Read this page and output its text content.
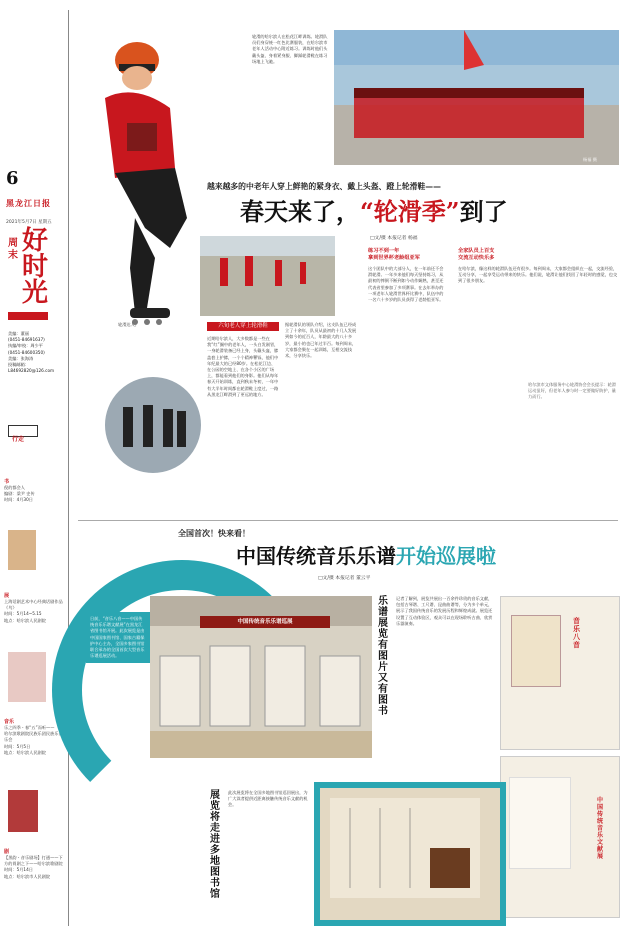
6
黑龙江日报
2021年5月7日 星期五
周末 好时光
美编：董丽
(0451-84691637)
执编/审校：周少平
(0451-84600350)
美编：张海涛
投稿邮箱：
L84692820@126.com
行走
书
倪的都会人
编剧：梁尹 史传
时间：4月30日
展
上海话剧艺术中心经典话剧作品《鸟》
时间：5月14~5.15
地点：哈尔滨人民剧院
音乐
乐之四季・春“五”而听——
哈尔滨歌剧院民族乐团民族乐音乐会
时间：5月5日
地点：哈尔滨人民剧院
剧
【黑韵・音乐剧场】打通——下方的胃剧之下——哈尔滨歌剧院
时间：5月14日
地点：哈尔滨市人民剧院
轮滑的哈尔滨人在松花江畔训练。轮滑队员们身穿统一红色比赛服装，在哈尔滨市老年人活动中心附近练习。训练时他们头戴头盔、身着紧身服、脚踩轮滑鞋在练习场地上飞驰。
杨福 摄
越来越多的中老年人穿上鲜艳的紧身衣、戴上头盔、蹬上轮滑鞋——
春天来了，“轮滑季”到了
□文/摄 本报记者 杨福
轮滑达人。	六旬老人穿上轮滑鞋
近期哈尔滨人，大多数都是一些在我“红”圈中的老年人，一头白发刚冒，一身轮滑装备已经上身，头戴头盔，膝盖套上护膝，一个个精神矍铄，他们中年纪最大的已经80岁。在松花江边、在公园的空地上、在各个小区的广场上，都能看到他们的身影。他们从每年春天开始训练，直到秋末冬初，一年中有大半年时间都在轮滑鞋上度过，一路从黑龙江畔滑到了更远的地方。
据轮滑队的领队介绍，这支队伍已经成立了十余年，队员从最初的十几人发展到如今的近百人，年龄最大的八十多岁，最小的也已年过半百。每到周末，大家都会聚在一起训练，互相交流技术，分享快乐。
练习不到一年
拿到世界杯老龄组亚军
这个团队中的大部分人，在一年前还不会滑轮滑。一年多来他们每天坚持练习，从最初的摔倒不断到如今动作娴熟，甚至还代表省里参加了多项赛事。在去年举办的一项老年人轮滑世界杯比赛中，队伍中的一名六十多岁的队员获得了老龄组亚军。
全家队员上百支
交流互动快乐多
在哈尔滨，像这样的轮滑队伍还有很多。每到周末，大家都会组织在一起，交流经验，互动分享，一起享受运动带来的快乐。他们说，轮滑让他们找回了年轻时的感觉，也交到了很多朋友。
哈尔滨市文体服务中心轮滑协会会长提示：轮滑运动虽好，但老年人参与时一定要做好防护，量力而行。
全国首次！快来看！
中国传统音乐乐谱开始巡展啦
□文/摄 本报记者 董云平
日前，“音乐八音——中国传统音乐乐谱文献展”在黑龙江省图书馆开展。此次展览是由中国国家图书馆、国家古籍保护中心主办，全国多家图书馆联合承办的全国首次大型音乐乐谱巡展活动。
中国传统音乐乐谱巡展
乐谱展览有图片又有图书
记者了解到，展览共展出一百余件珍贵的音乐文献，包括古琴谱、工尺谱、昆曲曲谱等，分为多个单元，展示了我国传统音乐的发展历程和辉煌成就。展览还设置了互动体验区，观众可以在现场聆听古曲、欣赏乐器演奏。	音乐八音
中国传统音乐文献展
展览将走进多地图书馆
此次展览将在全国多地图书馆巡回展出，为广大读者提供近距离接触传统音乐文献的机会。
